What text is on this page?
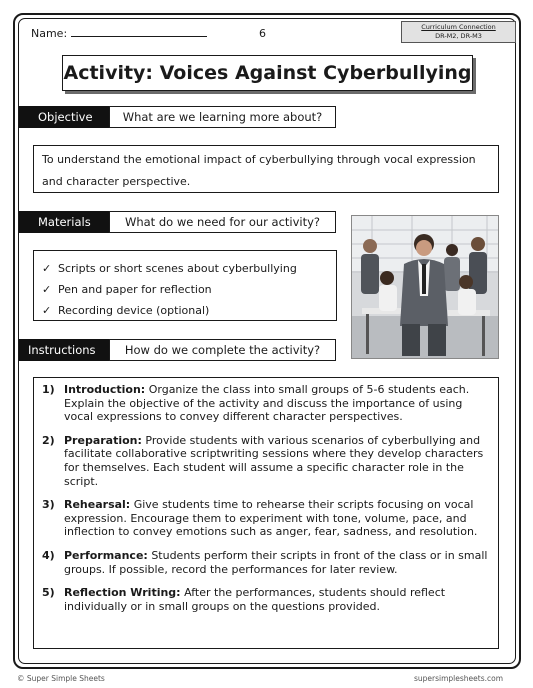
Name:	6	Curriculum Connection
DR-M2, DR-M3
Activity: Voices Against Cyberbullying
Objective	What are we learning more about?
To understand the emotional impact of cyberbullying through vocal expression and character perspective.
Materials	What do we need for our activity?
✓ Scripts or short scenes about cyberbullying
✓ Pen and paper for reflection
✓ Recording device (optional)
Instructions	How do we complete the activity?
1) Introduction: Organize the class into small groups of 5-6 students each. Explain the objective of the activity and discuss the importance of using vocal expressions to convey different character perspectives.
2) Preparation: Provide students with various scenarios of cyberbullying and facilitate collaborative scriptwriting sessions where they develop characters for themselves. Each student will assume a specific character role in the script.
3) Rehearsal: Give students time to rehearse their scripts focusing on vocal expression. Encourage them to experiment with tone, volume, pace, and inflection to convey emotions such as anger, fear, sadness, and resolution.
4) Performance: Students perform their scripts in front of the class or in small groups. If possible, record the performances for later review.
5) Reflection Writing: After the performances, students should reflect individually or in small groups on the questions provided.
© Super Simple Sheets	supersimplesheets.com
